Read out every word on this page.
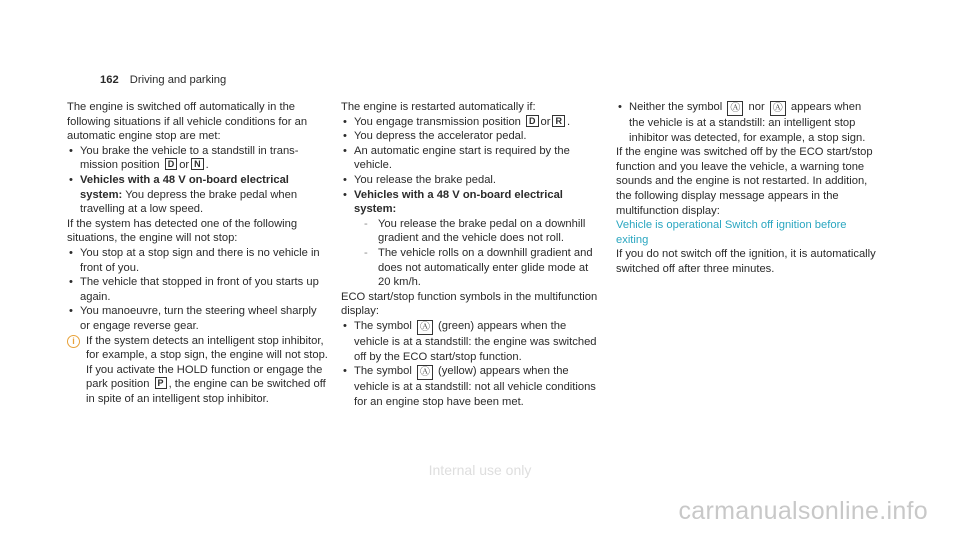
162 Driving and parking

The engine is switched off automatically in the following situations if all vehicle conditions for an automatic engine stop are met:

• You brake the vehicle to a standstill in transmission position D or N .
• Vehicles with a 48 V on-board electrical system: You depress the brake pedal when travelling at a low speed.

If the system has detected one of the following situations, the engine will not stop:

• You stop at a stop sign and there is no vehicle in front of you.
• The vehicle that stopped in front of you starts up again.
• You manoeuvre, turn the steering wheel sharply or engage reverse gear.
i	If the system detects an intelligent stop inhibitor, for example, a stop sign, the engine will not stop.

If you activate the HOLD function or engage the park position P , the engine can be switched off in spite of an intelligent stop inhibitor.

The engine is restarted automatically if:

• You engage transmission position D or R .
• You depress the accelerator pedal.
• An automatic engine start is required by the vehicle.
• You release the brake pedal.
• Vehicles with a 48 V on-board electrical system:
- You release the brake pedal on a downhill gradient and the vehicle does not roll.
- The vehicle rolls on a downhill gradient and does not automatically enter glide mode at 20 km/h.

ECO start/stop function symbols in the multifunction display:

• The symbol Ⓐ (green) appears when the vehicle is at a standstill: the engine was switched off by the ECO start/stop function.
• The symbol Ⓐ (yellow) appears when the vehicle is at a standstill: not all vehicle conditions for an engine stop have been met.
• Neither the symbol Ⓐ nor Ⓐ appears when the vehicle is at a standstill: an intelligent stop inhibitor was detected, for example, a stop sign.

If the engine was switched off by the ECO start/stop function and you leave the vehicle, a warning tone sounds and the engine is not restarted. In addition, the following display message appears in the multifunction display:

Vehicle is operational Switch off ignition before exiting

If you do not switch off the ignition, it is automatically switched off after three minutes.

Internal use only
carmanualsonline.info
